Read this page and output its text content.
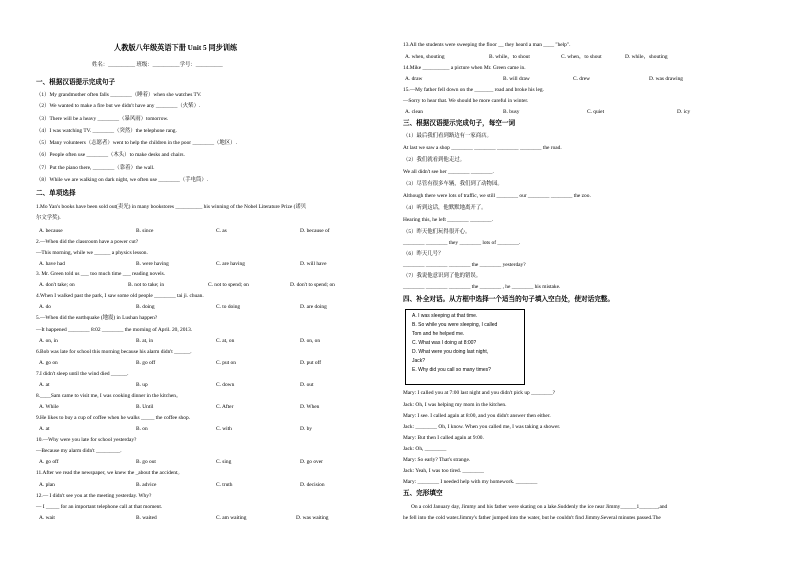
人教版八年级英语下册 Unit 5 同步训练
姓名：__________ 班级：__________学号：__________
一、根据汉语提示完成句子
（1）My grandmother often falls ________（睡着）when she watches TV.
（2）We wanted to make a fire but we didn't have any ________（火柴）.
（3）There will be a heavy ________（暴风雨）tomorrow.
（4）I was watching TV. ________（突然）the telephone rang.
（5）Many volunteers（志愿者）went to help the children in the poor ________（地区）.
（6）People often use ________（木头）to make desks and chairs.
（7）Put the piano there, ________（靠着）the wall.
（8）While we are walking on dark night, we often use ________（手电筒）.
二、单项选择
1.Mo Yan's books have been sold out(卖光) in many bookstores __________ his winning of the Nobel Literature Prize (诺贝
尔文学奖).
A. because	B. since	C. as	D. because of
2.—When did the classroom have a power cut?
—This morning, while we ______ a physics lesson.
A. have had	B. were having	C. are having	D. will have
3. Mr. Green told us ___ too much time ___ reading novels.
A. don't take; on	B. not to take; in	C. not to spend; on	D. don't to spend; on
4.When I walked past the park, I saw some old people ________ tai ji. chuan.
A. do	B. doing	C. to doing	D. are doing
5.—When did the earthquake (地震) in Lushan happen?
—It happened ________ 8:02 ________ the morning of April. 20, 2013.
A. on, in	B. at, in	C. at, on	D. on, on
6.Bob was late for school this morning because his alarm didn't ______.
A. go on	B. go off	C. put on	D. put off
7.I didn't sleep until the wind died ______.
A. at	B. up	C. down	D. out
8.____Sam came to visit me, I was cooking dinner in the kitchen。
A. While	B. Until	C. After	D. When
9.He likes to buy a cup of coffee when he walks _____ the coffee shop.
A. at	B. on	C. with	D. by
10.—Why were you late for school yesterday?
—Because my alarm didn't _________.
A. go off	B. go out	C. sing	D. go over
11.After we read the newspaper, we knew the _about the accident。
A. plan	B. advice	C. truth	D. decision
12.— I didn't see you at the meeting yesterday. Why?
— I _____ for an important telephone call at that moment.
A. wait	B. waited	C. am waiting	D. was waiting
13.All the students were sweeping the floor __ they heard a man ____ "help".
A. when, shouting	B. while，to shout	C. when，to shout	D. while，shouting
14.Mike __________ a picture when Mr. Green came in.
A. draw	B. will draw	C. drew	D. was drawing
15.—My father fell down on the _______ road and broke his leg.
—Sorry to hear that. We should be more careful in winter.
A. clean	B. busy	C. quiet	D. icy
三、根据汉语提示完成句子，每空一词
（1）最后我们看到路边有一家商店。
At last we saw a shop ________ ________ ________ ________ the road.
（2）我们就看到他走过。
We all didn't see her ________ ________.
（3）尽管有很多车辆，我们到了动物园。
Although there were lots of traffic, we still ________ our ________ ________ the zoo.
（4）听到这话，他默默地离开了。
Hearing this, he left ________ ________.
（5）昨天他们玩得很开心。
________ ________ they ________ lots of ________.
（6）昨天几号？
________ ________ ________ the ________ yesterday?
（7）我说他意识到了他的错误。
________ ________ ________ the ________ , he ________ his mistake.
四、补全对话。从方框中选择一个适当的句子填入空白处，使对话完整。
A. I was sleeping at that time.
B. So while you were sleeping, I called
Tom and he helped me.
C. What was I doing at 8:00?
D. What were you doing last night,
Jack?
E. Why did you call so many times?
Mary: I called you at 7:00 last night and you didn't pick up ________?
Jack: Oh, I was helping my mom in the kitchen.
Mary: I see. I called again at 8:00, and you didn't answer then either.
Jack: ________ Oh, I know. When you called me, I was taking a shower.
Mary: But then I called again at 9:00.
Jack: Oh, ________
Mary: So early? That's strange.
Jack: Yeah, I was too tired. ________
Mary: ________ I needed help with my homework. ________
五、完形填空
On a cold January day, Jimmy and his father were skating on a lake.Suddenly the ice near Jimmy______1_______,and
he fell into the cold water.Jimmy's father jumped into the water, but he couldn't find Jimmy.Several minutes passed.The
